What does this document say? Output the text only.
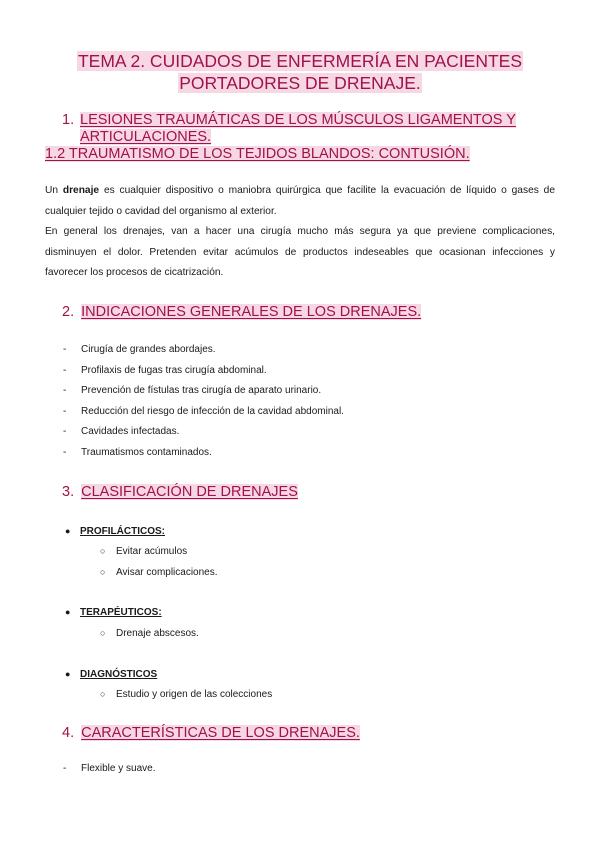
TEMA 2. CUIDADOS DE ENFERMERÍA EN PACIENTES
PORTADORES DE DRENAJE.
1. LESIONES TRAUMÁTICAS DE LOS MÚSCULOS LIGAMENTOS Y
ARTICULACIONES.
1.2 TRAUMATISMO DE LOS TEJIDOS BLANDOS: CONTUSIÓN.
Un drenaje es cualquier dispositivo o maniobra quirúrgica que facilite la evacuación de líquido o gases de
cualquier tejido o cavidad del organismo al exterior.
En general los drenajes, van a hacer una cirugía mucho más segura ya que previene complicaciones,
disminuyen el dolor. Pretenden evitar acúmulos de productos indeseables que ocasionan infecciones y
favorecer los procesos de cicatrización.
2. INDICACIONES GENERALES DE LOS DRENAJES.
- Cirugía de grandes abordajes.
- Profilaxis de fugas tras cirugía abdominal.
- Prevención de fístulas tras cirugía de aparato urinario.
- Reducción del riesgo de infección de la cavidad abdominal.
- Cavidades infectadas.
- Traumatismos contaminados.
3. CLASIFICACIÓN DE DRENAJES
● PROFILÁCTICOS:
○ Evitar acúmulos
○ Avisar complicaciones.
● TERAPÉUTICOS:
○ Drenaje abscesos.
● DIAGNÓSTICOS
○ Estudio y origen de las colecciones
4. CARACTERÍSTICAS DE LOS DRENAJES.
- Flexible y suave.
